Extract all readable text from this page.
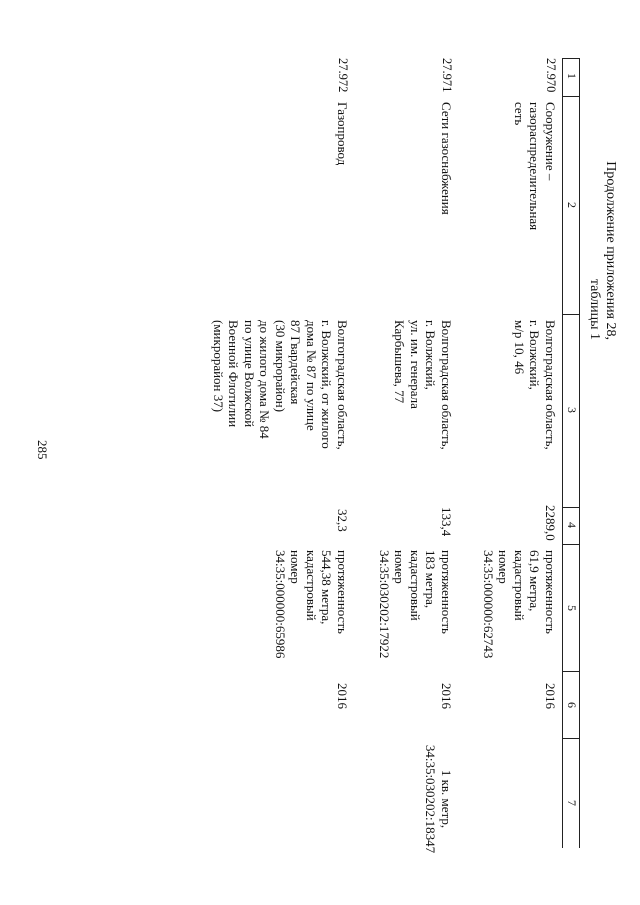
285
Продолжение приложения 28,
таблицы 1
1
2
3
4
5
6
7
27.970
Сооружение –
газораспределительная
сеть
Волгоградская область,
г. Волжский,
м/р 10, 46
2289,0
протяженность
61,9 метра,
кадастровый
номер
34:35:000000:62743
2016
27.971
Сети газоснабжения
Волгоградская область,
г. Волжский,
ул. им. генерала
Карбышева, 77
133,4
протяженность
183 метра,
кадастровый
номер
34:35:030202:17922
2016
1 кв. метр,
34:35:030202:18347
27.972
Газопровод
Волгоградская область,
г. Волжский, от жилого
дома № 87 по улице
87 Гвардейская
(30 микрорайон)
до жилого дома № 84
по улице Волжской
Военной Флотилии
(микрорайон 37)
32,3
протяженность
544,38 метра,
кадастровый
номер
34:35:000000:65986
2016
